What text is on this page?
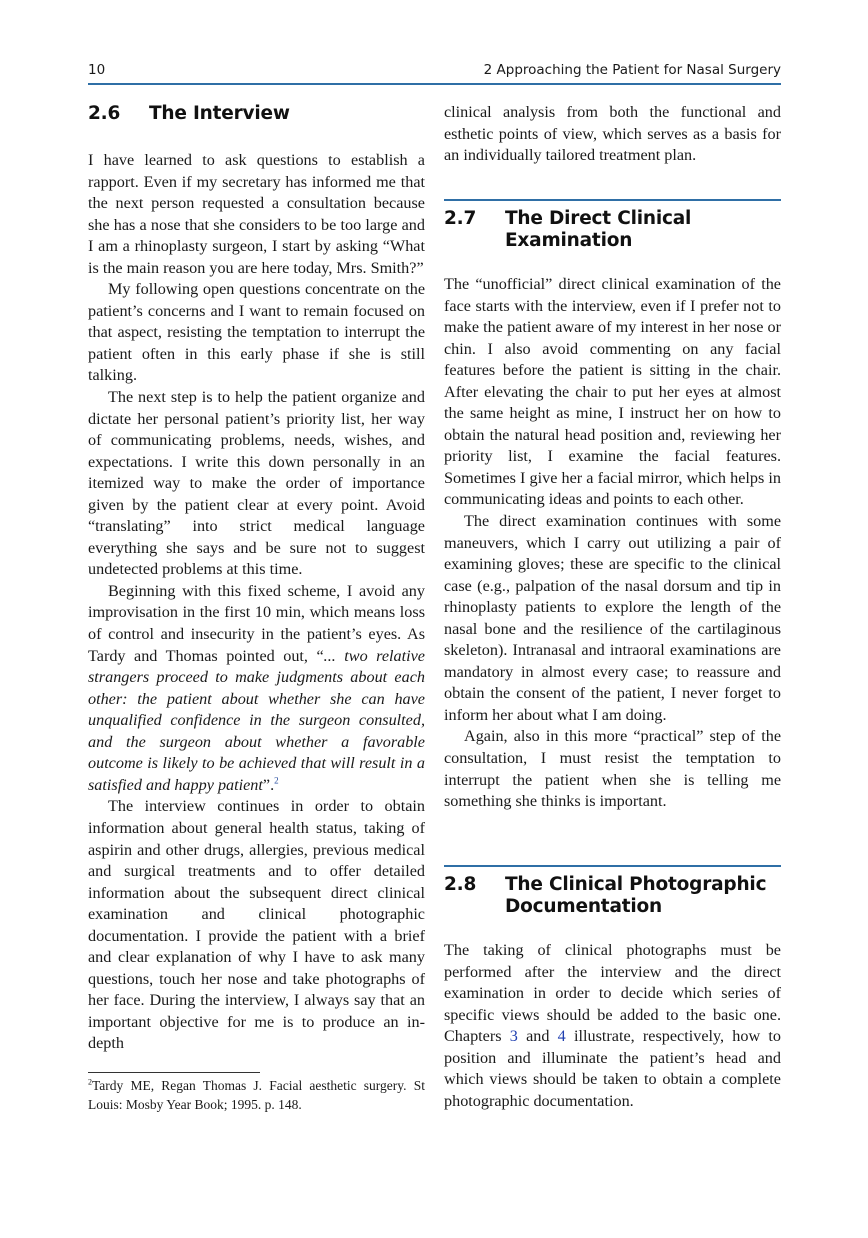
10	2 Approaching the Patient for Nasal Surgery
2.6 The Interview

I have learned to ask questions to establish a rapport. Even if my secretary has informed me that the next person requested a consultation because she has a nose that she considers to be too large and I am a rhinoplasty surgeon, I start by asking “What is the main reason you are here today, Mrs. Smith?”

My following open questions concentrate on the patient’s concerns and I want to remain focused on that aspect, resisting the temptation to interrupt the patient often in this early phase if she is still talking.

The next step is to help the patient organize and dictate her personal patient’s priority list, her way of communicating problems, needs, wishes, and expectations. I write this down personally in an itemized way to make the order of importance given by the patient clear at every point. Avoid “translating” into strict medical language everything she says and be sure not to suggest undetected problems at this time.

Beginning with this fixed scheme, I avoid any improvisation in the first 10 min, which means loss of control and insecurity in the patient’s eyes. As Tardy and Thomas pointed out, “... two relative strangers proceed to make judgments about each other: the patient about whether she can have unqualified confidence in the surgeon consulted, and the surgeon about whether a favorable outcome is likely to be achieved that will result in a satisfied and happy patient”.$^2$

The interview continues in order to obtain information about general health status, taking of aspirin and other drugs, allergies, previous medical and surgical treatments and to offer detailed information about the subsequent direct clinical examination and clinical photographic documentation. I provide the patient with a brief and clear explanation of why I have to ask many questions, touch her nose and take photographs of her face. During the interview, I always say that an important objective for me is to produce an in-depth

$^2$Tardy ME, Regan Thomas J. Facial aesthetic surgery. St Louis: Mosby Year Book; 1995. p. 148.

clinical analysis from both the functional and esthetic points of view, which serves as a basis for an individually tailored treatment plan.

2.7 The Direct Clinical Examination

The “unofficial” direct clinical examination of the face starts with the interview, even if I prefer not to make the patient aware of my interest in her nose or chin. I also avoid commenting on any facial features before the patient is sitting in the chair. After elevating the chair to put her eyes at almost the same height as mine, I instruct her on how to obtain the natural head position and, reviewing her priority list, I examine the facial features. Sometimes I give her a facial mirror, which helps in communicating ideas and points to each other.

The direct examination continues with some maneuvers, which I carry out utilizing a pair of examining gloves; these are specific to the clinical case (e.g., palpation of the nasal dorsum and tip in rhinoplasty patients to explore the length of the nasal bone and the resilience of the cartilaginous skeleton). Intranasal and intraoral examinations are mandatory in almost every case; to reassure and obtain the consent of the patient, I never forget to inform her about what I am doing.

Again, also in this more “practical” step of the consultation, I must resist the temptation to interrupt the patient when she is telling me something she thinks is important.

2.8 The Clinical Photographic Documentation

The taking of clinical photographs must be performed after the interview and the direct examination in order to decide which series of specific views should be added to the basic one. Chapters 3 and 4 illustrate, respectively, how to position and illuminate the patient’s head and which views should be taken to obtain a complete photographic documentation.
